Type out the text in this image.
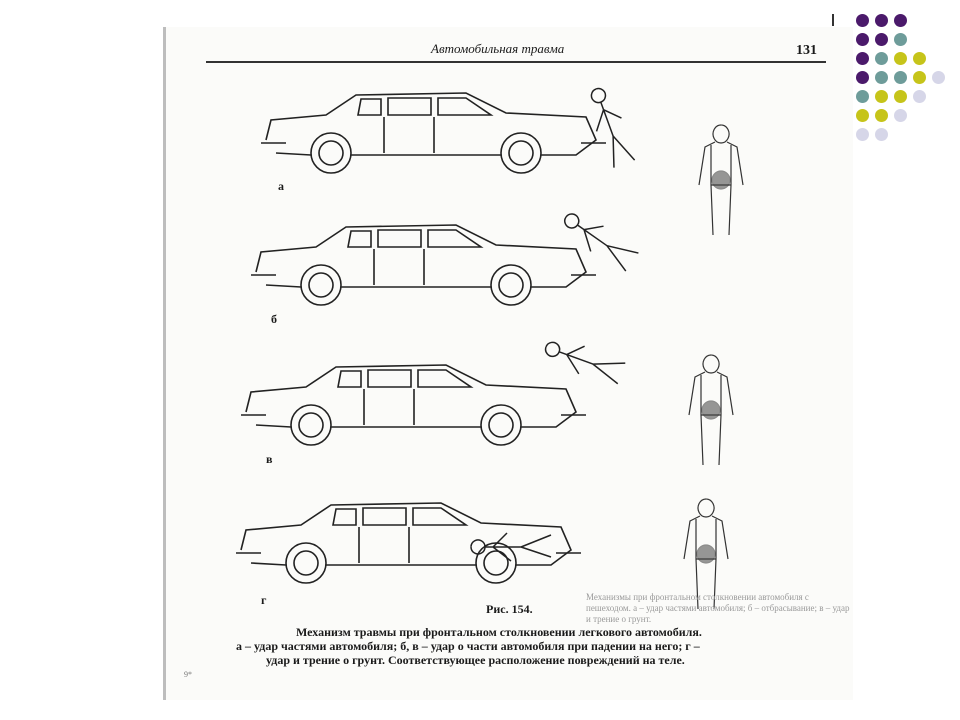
Автомобильная травма	131
а
б
в
г	Механизмы при фронтальном столкновении автомобиля с пешеходом. а – удар частями автомобиля; б – отбрасывание; в – удар и трение о грунт.
Рис. 154.
Механизм травмы при фронтальном столкновении легкового автомобиля.
а – удар частями автомобиля; б, в – удар о части автомобиля при падении на него; г –
удар и трение о грунт. Соответствующее расположение повреждений на теле.
9*
